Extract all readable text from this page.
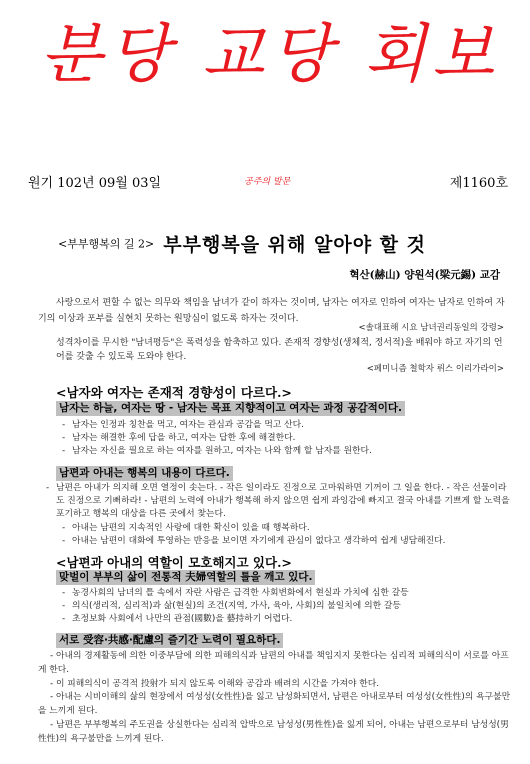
분당 교당 회보
원기 102년 09월 03일	공주의 발문	제1160호
<부부행복의 길 2> 부부행복을 위해 알아야 할 것
혁산(赫山) 양원석(梁元錫) 교감
사랑으로서 편할 수 없는 의무와 책임을 남녀가 같이 하자는 것이며, 남자는 여자로 인하여 여자는 남자로 인하여 자기의 이상과 포부를 실현치 못하는 원망심이 없도록 하자는 것이다.
<솔대표해 시요 남녀권리동일의 강령>
성격차이를 무시한 "남녀평등"은 폭력성을 함축하고 있다. 존재적 경향성(생체적, 정서적)을 배워야 하고 자기의 언어를 갖출 수 있도록 도와야 한다.
<페미니즘 철학자 뤼스 이리가라이>
<남자와 여자는 존재적 경향성이 다르다.>
남자는 하늘, 여자는 땅 - 남자는 목표 지향적이고 여자는 과정 공감적이다.
- 남자는 인정과 칭찬을 먹고, 여자는 관심과 공감을 먹고 산다.
- 남자는 해결한 후에 답을 하고, 여자는 답한 후에 해결한다.
- 남자는 자신을 필요로 하는 여자를 원하고, 여자는 나와 함께 할 남자를 원한다.
남편과 아내는 행복의 내용이 다르다.
- 남편은 아내가 의지해 오면 열정이 솟는다. - 작은 일이라도 진정으로 고마워하면 기꺼이 그 일을 한다. - 작은 선물이라도 진정으로 기뻐하라! - 남편의 노력에 아내가 행복해 하지 않으면 쉽게 과잉감에 빠지고 결국 아내를 기쁘게 할 노력을 포기하고 행복의 대상을 다른 곳에서 찾는다.
- 아내는 남편의 지속적인 사랑에 대한 확신이 있을 때 행복하다.
- 아내는 남편이 대화에 투영하는 반응을 보이면 자기에게 관심이 없다고 생각하여 쉽게 냉담해진다.
<남편과 아내의 역할이 모호해지고 있다.>
맞벌이 부부의 삶이 전통적 夫婦역할의 틀을 깨고 있다.
- 농경사회의 남녀의 틀 속에서 자란 사람은 급격한 사회변화에서 현실과 가치에 심한 갈등
- 의식(생리적, 심리적)과 삶(현실)의 조건(지역, 가사, 육아, 사회)의 불일치에 의한 갈등
- 초정보화 사회에서 나만의 관점(國數)을 藝持하기 어렵다.
서로 受容·共感·配慮의 즐기간 노력이 필요하다.
- 아내의 경제활동에 의한 이중부담에 의한 피해의식과 남편의 아내를 책임지지 못한다는 심리적 피해의식이 서로를 아프게 한다.
- 이 피해의식이 공격적 投射가 되지 않도록 이해와 공감과 배려의 시간을 가져야 한다.
- 아내는 시비이해의 삶의 현장에서 여성성(女性性)을 잃고 남성화되면서, 남편은 아내로부터 여성성(女性性)의 욕구불만을 느끼게 된다.
- 남편은 부부행복의 주도권을 상실한다는 심리적 압박으로 남성성(男性性)을 잃게 되어, 아내는 남편으로부터 남성성(男性性)의 욕구불만을 느끼게 된다.
